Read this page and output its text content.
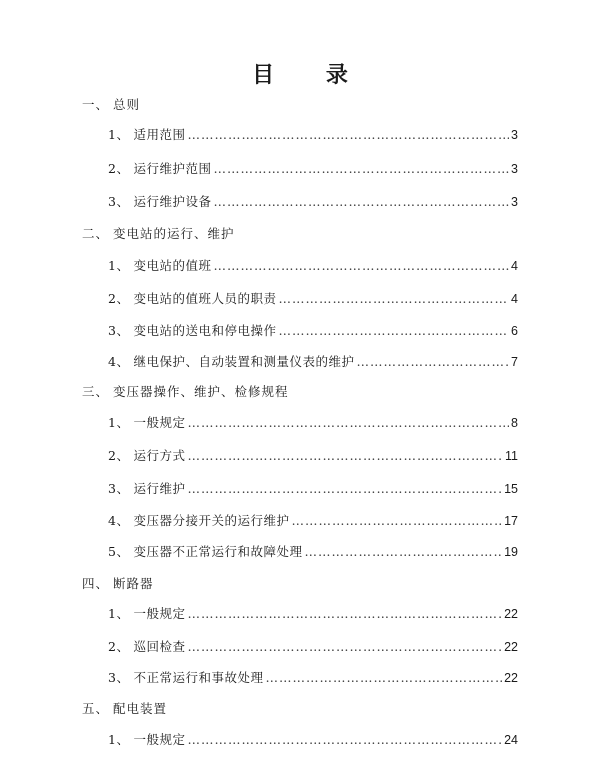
目 录
一、 总则
1、 适用范围 …………………………………………………………………………………………………………………………………………………………	3
2、 运行维护范围 …………………………………………………………………………………………………………………………………………………………	3
3、 运行维护设备 …………………………………………………………………………………………………………………………………………………………	3
二、 变电站的运行、维护
1、 变电站的值班 …………………………………………………………………………………………………………………………………………………………	4
2、 变电站的值班人员的职责 …………………………………………………………………………………………………………………………………………………………	4
3、 变电站的送电和停电操作 …………………………………………………………………………………………………………………………………………………………	6
4、 继电保护、自动装置和测量仪表的维护 …………………………………………………………………………………………………………………………………………………………	7
三、 变压器操作、维护、检修规程
1、 一般规定 …………………………………………………………………………………………………………………………………………………………	8
2、 运行方式 …………………………………………………………………………………………………………………………………………………………	11
3、 运行维护 …………………………………………………………………………………………………………………………………………………………	15
4、 变压器分接开关的运行维护 …………………………………………………………………………………………………………………………………………………………	17
5、 变压器不正常运行和故障处理 …………………………………………………………………………………………………………………………………………………………	19
四、 断路器
1、 一般规定 …………………………………………………………………………………………………………………………………………………………	22
2、 巡回检查 …………………………………………………………………………………………………………………………………………………………	22
3、 不正常运行和事故处理 …………………………………………………………………………………………………………………………………………………………	22
五、 配电装置
1、 一般规定 …………………………………………………………………………………………………………………………………………………………	24
